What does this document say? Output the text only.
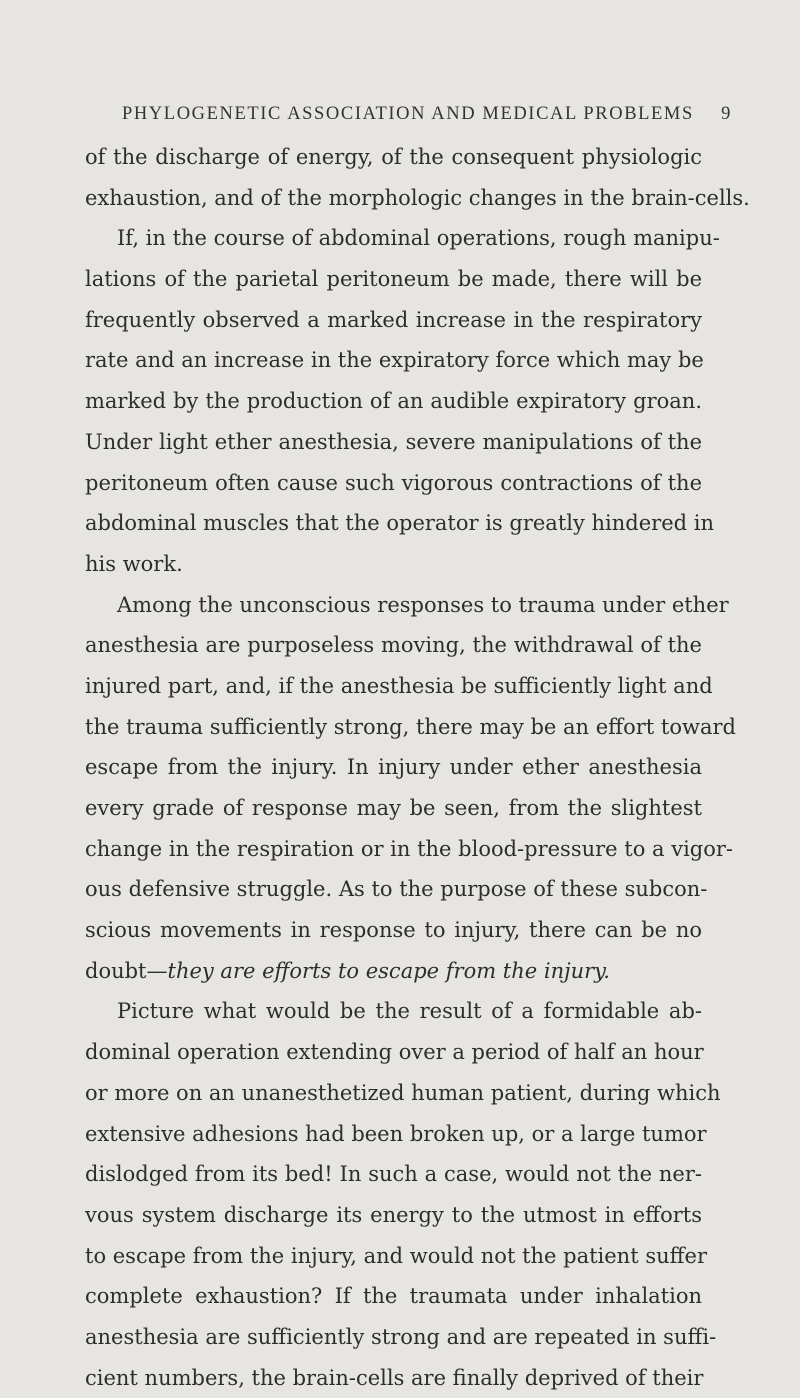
PHYLOGENETIC ASSOCIATION AND MEDICAL PROBLEMS 9
of the discharge of energy, of the consequent physiologic
exhaustion, and of the morphologic changes in the brain-cells.
If, in the course of abdominal operations, rough manipu-
lations of the parietal peritoneum be made, there will be
frequently observed a marked increase in the respiratory
rate and an increase in the expiratory force which may be
marked by the production of an audible expiratory groan.
Under light ether anesthesia, severe manipulations of the
peritoneum often cause such vigorous contractions of the
abdominal muscles that the operator is greatly hindered in
his work.
Among the unconscious responses to trauma under ether
anesthesia are purposeless moving, the withdrawal of the
injured part, and, if the anesthesia be sufficiently light and
the trauma sufficiently strong, there may be an effort toward
escape from the injury. In injury under ether anesthesia
every grade of response may be seen, from the slightest
change in the respiration or in the blood-pressure to a vigor-
ous defensive struggle. As to the purpose of these subcon-
scious movements in response to injury, there can be no
doubt—they are efforts to escape from the injury.
Picture what would be the result of a formidable ab-
dominal operation extending over a period of half an hour
or more on an unanesthetized human patient, during which
extensive adhesions had been broken up, or a large tumor
dislodged from its bed! In such a case, would not the ner-
vous system discharge its energy to the utmost in efforts
to escape from the injury, and would not the patient suffer
complete exhaustion? If the traumata under inhalation
anesthesia are sufficiently strong and are repeated in suffi-
cient numbers, the brain-cells are finally deprived of their
